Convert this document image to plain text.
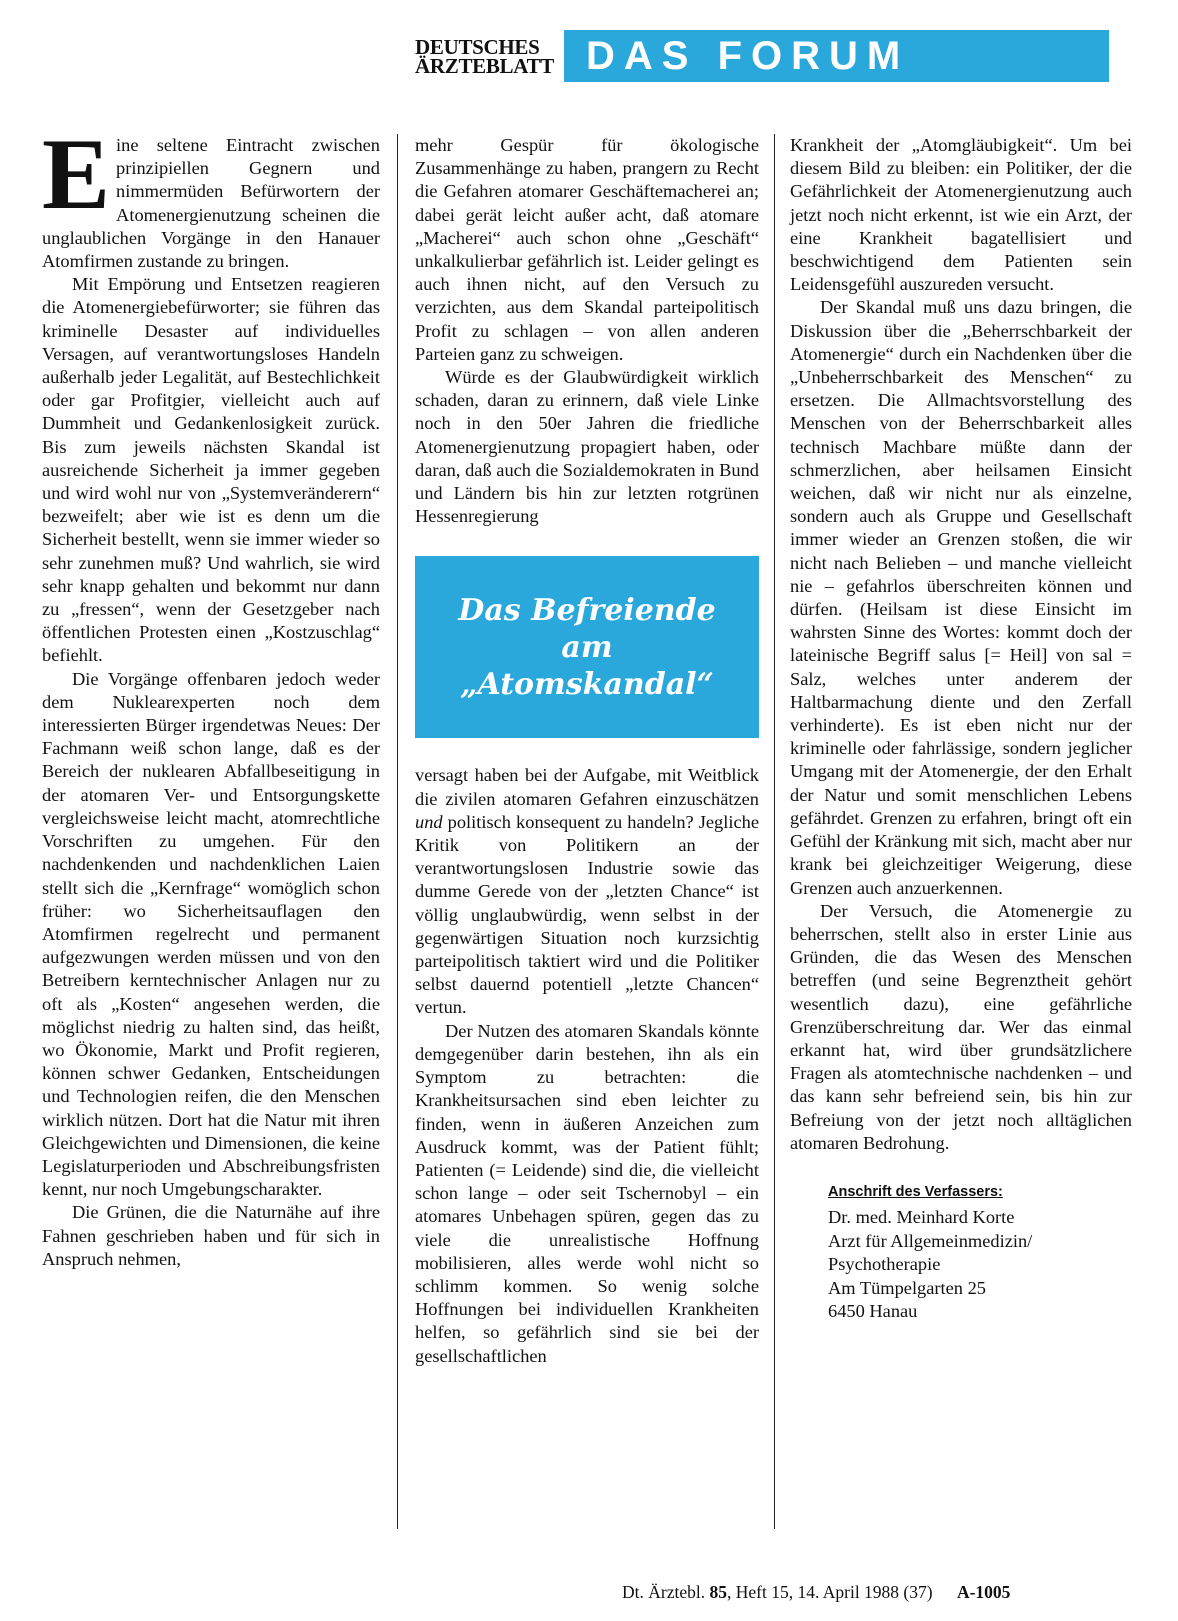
DEUTSCHES
ÄRZTEBLATT DAS FORUM

Eine seltene Eintracht zwischen prinzipiellen Gegnern und nimmermüden Befürwortern der Atomenergienutzung scheinen die unglaublichen Vorgänge in den Hanauer Atomfirmen zustande zu bringen.

Mit Empörung und Entsetzen reagieren die Atomenergiebefürworter; sie führen das kriminelle Desaster auf individuelles Versagen, auf verantwortungsloses Handeln außerhalb jeder Legalität, auf Bestechlichkeit oder gar Profitgier, vielleicht auch auf Dummheit und Gedankenlosigkeit zurück. Bis zum jeweils nächsten Skandal ist ausreichende Sicherheit ja immer gegeben und wird wohl nur von „Systemveränderern“ bezweifelt; aber wie ist es denn um die Sicherheit bestellt, wenn sie immer wieder so sehr zunehmen muß? Und wahrlich, sie wird sehr knapp gehalten und bekommt nur dann zu „fressen“, wenn der Gesetzgeber nach öffentlichen Protesten einen „Kostzuschlag“ befiehlt.

Die Vorgänge offenbaren jedoch weder dem Nuklearexperten noch dem interessierten Bürger irgendetwas Neues: Der Fachmann weiß schon lange, daß es der Bereich der nuklearen Abfallbeseitigung in der atomaren Ver- und Entsorgungskette vergleichsweise leicht macht, atomrechtliche Vorschriften zu umgehen. Für den nachdenkenden und nachdenklichen Laien stellt sich die „Kernfrage“ womöglich schon früher: wo Sicherheitsauflagen den Atomfirmen regelrecht und permanent aufgezwungen werden müssen und von den Betreibern kerntechnischer Anlagen nur zu oft als „Kosten“ angesehen werden, die möglichst niedrig zu halten sind, das heißt, wo Ökonomie, Markt und Profit regieren, können schwer Gedanken, Entscheidungen und Technologien reifen, die den Menschen wirklich nützen. Dort hat die Natur mit ihren Gleichgewichten und Dimensionen, die keine Legislaturperioden und Abschreibungsfristen kennt, nur noch Umgebungscharakter.

Die Grünen, die die Naturnähe auf ihre Fahnen geschrieben haben und für sich in Anspruch nehmen,

mehr Gespür für ökologische Zusammenhänge zu haben, prangern zu Recht die Gefahren atomarer Geschäftemacherei an; dabei gerät leicht außer acht, daß atomare „Macherei“ auch schon ohne „Geschäft“ unkalkulierbar gefährlich ist. Leider gelingt es auch ihnen nicht, auf den Versuch zu verzichten, aus dem Skandal parteipolitisch Profit zu schlagen – von allen anderen Parteien ganz zu schweigen.

Würde es der Glaubwürdigkeit wirklich schaden, daran zu erinnern, daß viele Linke noch in den 50er Jahren die friedliche Atomenergienutzung propagiert haben, oder daran, daß auch die Sozialdemokraten in Bund und Ländern bis hin zur letzten rotgrünen Hessenregierung

Das Befreiende
am
„Atomskandal“

versagt haben bei der Aufgabe, mit Weitblick die zivilen atomaren Gefahren einzuschätzen und politisch konsequent zu handeln? Jegliche Kritik von Politikern an der verantwortungslosen Industrie sowie das dumme Gerede von der „letzten Chance“ ist völlig unglaubwürdig, wenn selbst in der gegenwärtigen Situation noch kurzsichtig parteipolitisch taktiert wird und die Politiker selbst dauernd potentiell „letzte Chancen“ vertun.

Der Nutzen des atomaren Skandals könnte demgegenüber darin bestehen, ihn als ein Symptom zu betrachten: die Krankheitsursachen sind eben leichter zu finden, wenn in äußeren Anzeichen zum Ausdruck kommt, was der Patient fühlt; Patienten (= Leidende) sind die, die vielleicht schon lange – oder seit Tschernobyl – ein atomares Unbehagen spüren, gegen das zu viele die unrealistische Hoffnung mobilisieren, alles werde wohl nicht so schlimm kommen. So wenig solche Hoffnungen bei individuellen Krankheiten helfen, so gefährlich sind sie bei der gesellschaftlichen

Krankheit der „Atomgläubigkeit“. Um bei diesem Bild zu bleiben: ein Politiker, der die Gefährlichkeit der Atomenergienutzung auch jetzt noch nicht erkennt, ist wie ein Arzt, der eine Krankheit bagatellisiert und beschwichtigend dem Patienten sein Leidensgefühl auszureden versucht.

Der Skandal muß uns dazu bringen, die Diskussion über die „Beherrschbarkeit der Atomenergie“ durch ein Nachdenken über die „Unbeherrschbarkeit des Menschen“ zu ersetzen. Die Allmachtsvorstellung des Menschen von der Beherrschbarkeit alles technisch Machbare müßte dann der schmerzlichen, aber heilsamen Einsicht weichen, daß wir nicht nur als einzelne, sondern auch als Gruppe und Gesellschaft immer wieder an Grenzen stoßen, die wir nicht nach Belieben – und manche vielleicht nie – gefahrlos überschreiten können und dürfen. (Heilsam ist diese Einsicht im wahrsten Sinne des Wortes: kommt doch der lateinische Begriff salus [= Heil] von sal = Salz, welches unter anderem der Haltbarmachung diente und den Zerfall verhinderte). Es ist eben nicht nur der kriminelle oder fahrlässige, sondern jeglicher Umgang mit der Atomenergie, der den Erhalt der Natur und somit menschlichen Lebens gefährdet. Grenzen zu erfahren, bringt oft ein Gefühl der Kränkung mit sich, macht aber nur krank bei gleichzeitiger Weigerung, diese Grenzen auch anzuerkennen.

Der Versuch, die Atomenergie zu beherrschen, stellt also in erster Linie aus Gründen, die das Wesen des Menschen betreffen (und seine Begrenztheit gehört wesentlich dazu), eine gefährliche Grenzüberschreitung dar. Wer das einmal erkannt hat, wird über grundsätzlichere Fragen als atomtechnische nachdenken – und das kann sehr befreiend sein, bis hin zur Befreiung von der jetzt noch alltäglichen atomaren Bedrohung.

Anschrift des Verfassers:
Dr. med. Meinhard Korte
Arzt für Allgemeinmedizin/
Psychotherapie
Am Tümpelgarten 25
6450 Hanau
Dt. Ärztebl. 85, Heft 15, 14. April 1988 (37) A-1005
